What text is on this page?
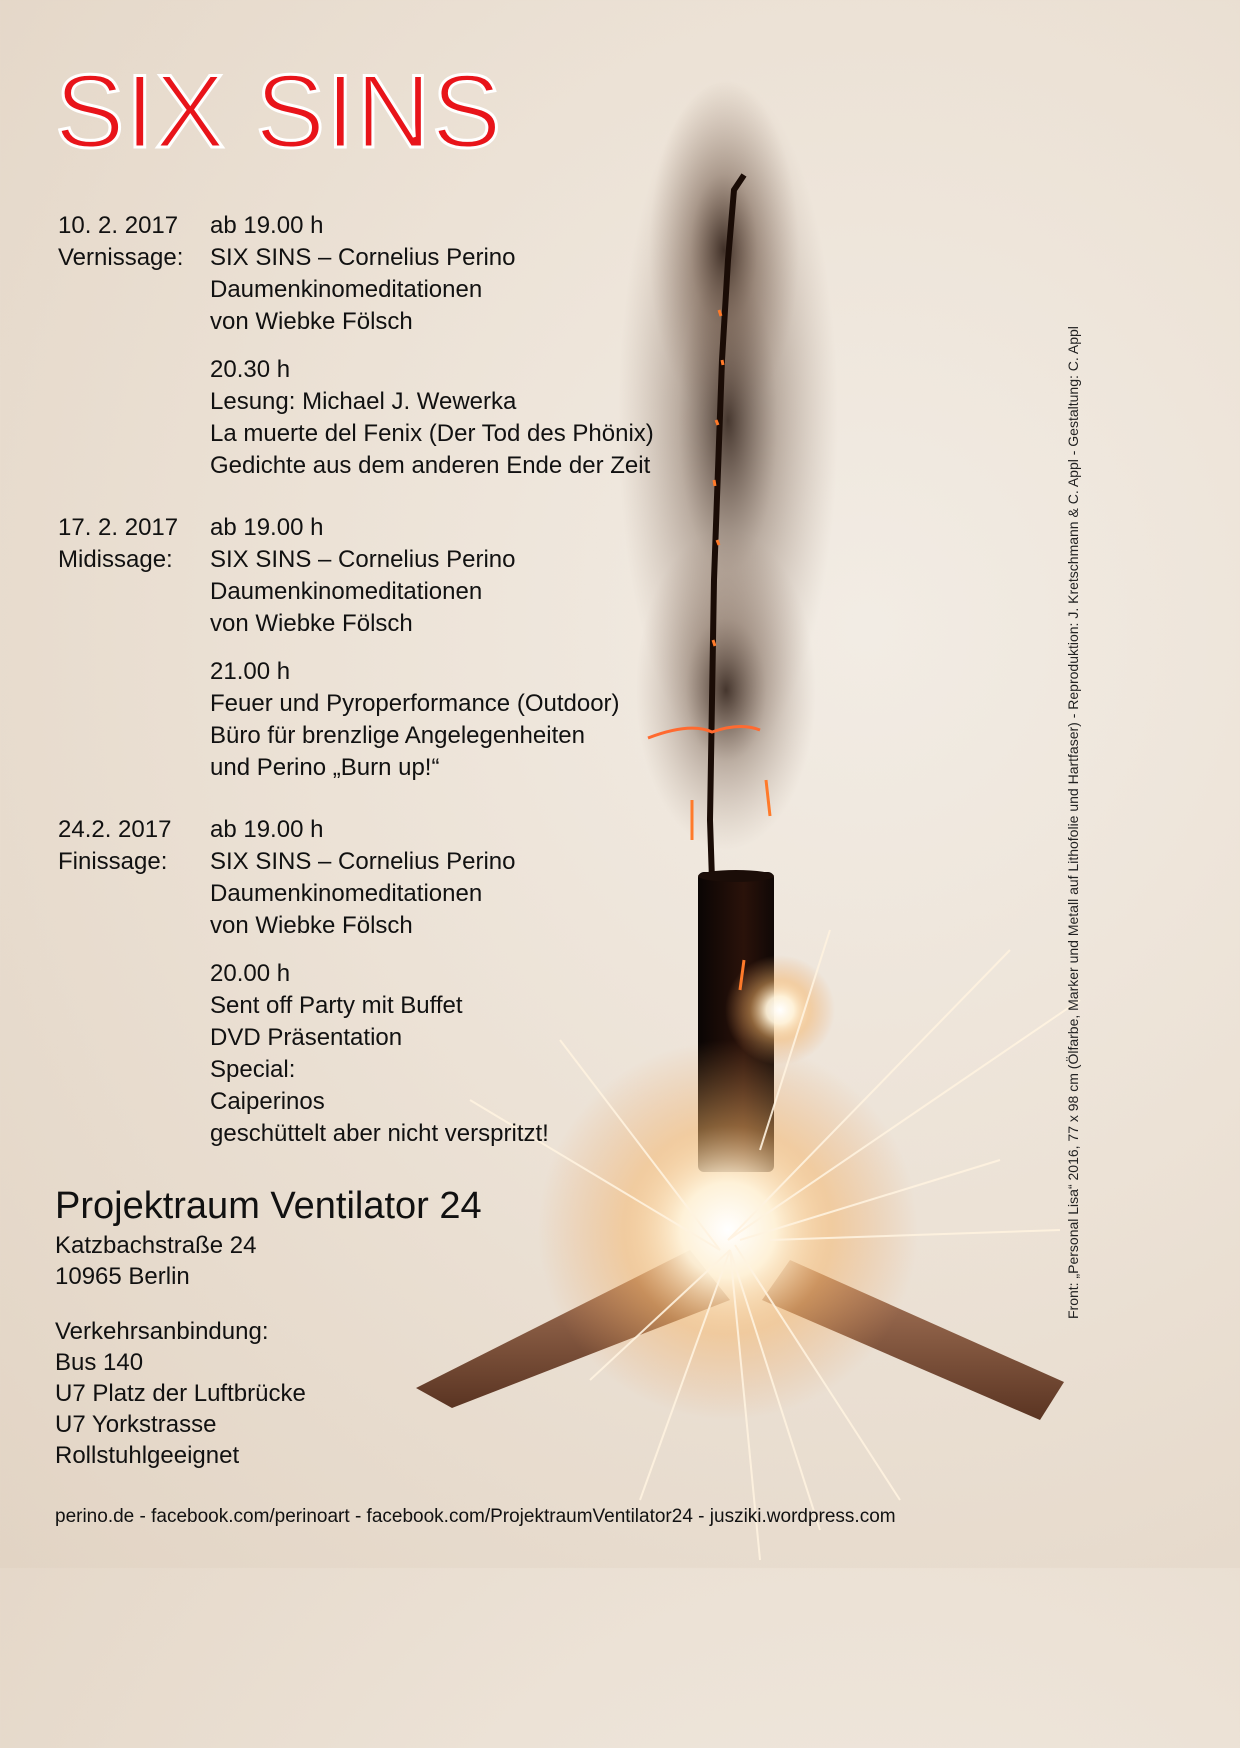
SIX SINS
10. 2. 2017	ab 19.00 h
Vernissage:	SIX SINS – Cornelius Perino
Daumenkinomeditationen
von Wiebke Fölsch
20.30 h
Lesung: Michael J. Wewerka
La muerte del Fenix (Der Tod des Phönix)
Gedichte aus dem anderen Ende der Zeit
17. 2. 2017	ab 19.00 h
Midissage:	SIX SINS – Cornelius Perino
Daumenkinomeditationen
von Wiebke Fölsch
21.00 h
Feuer und Pyroperformance (Outdoor)
Büro für brenzlige Angelegenheiten
und Perino „Burn up!“
24.2. 2017	ab 19.00 h
Finissage:	SIX SINS – Cornelius Perino
Daumenkinomeditationen
von Wiebke Fölsch
20.00 h
Sent off Party mit Buffet
DVD Präsentation
Special:
Caiperinos
geschüttelt aber nicht verspritzt!
Projektraum Ventilator 24
Katzbachstraße 24
10965 Berlin
Verkehrsanbindung:
Bus 140
U7 Platz der Luftbrücke
U7 Yorkstrasse
Rollstuhlgeeignet
Front: „Personal Lisa“ 2016, 77 x 98 cm (Ölfarbe, Marker und Metall auf Lithofolie und Hartfaser) - Reproduktion: J. Kretschmann & C. Appl - Gestaltung: C. Appl
perino.de - facebook.com/perinoart - facebook.com/ProjektraumVentilator24 - jusziki.wordpress.com
